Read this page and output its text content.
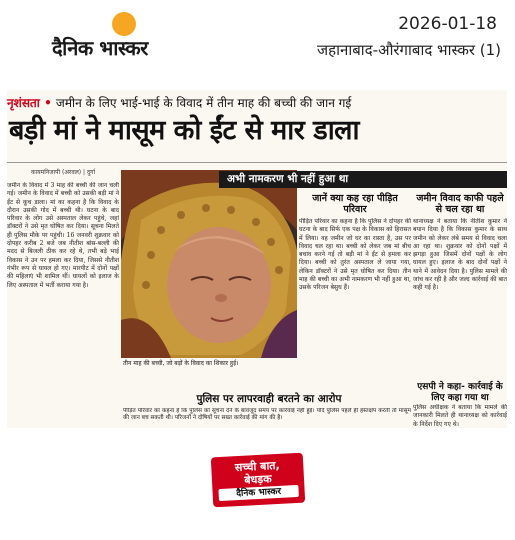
दैनिक भास्कर
2026-01-18
जहानाबाद-औरंगाबाद भास्कर (1)
नृशंसता • जमीन के लिए भाई-भाई के विवाद में तीन माह की बच्ची की जान गई
बड़ी मां ने मासूम को ईंट से मार डाला
कायमनिजापी (अरवल) | दुर्गा
जमीन के विवाद में 3 माह की बच्ची की जान चली गई। जमीन के विवाद में बच्ची को उसकी बड़ी मां ने ईंट से कूच डाला। मां का कहना है कि विवाद के दौरान उसकी गोद में बच्ची थी। घटना के बाद परिवार के लोग उसे अस्पताल लेकर पहुंचे, जहां डॉक्टरों ने उसे मृत घोषित कर दिया। सूचना मिलते ही पुलिस मौके पर पहुंची। 16 जनवरी शुक्रवार को दोपहर करीब 2 बजे जब नीतीश बांस-बल्ली की मदद से बिजली ठीक कर रहे थे, तभी बड़े भाई विकास ने उन पर हमला कर दिया, जिससे नीतीश गंभीर रूप से घायल हो गए। मारपीट में दोनों पक्षों की महिलाएं भी शामिल थीं। घायलों को इलाज के लिए अस्पताल में भर्ती कराया गया है।
तीन माह की बच्ची, जो बड़ों के विवाद का शिकार हुई।
अभी नामकरण भी नहीं हुआ था
जानें क्या कह रहा पीड़ित परिवार
पीड़ित परिवार का कहना है कि पुलिस ने दोपहर की घटना के बाद सिर्फ एक पक्ष के विकास को हिरासत में लिया। वह जमीन जो घर का रास्ता है, उस पर विवाद चल रहा था। बच्ची को लेकर जब मां बीच बचाव करने गई तो बड़ी मां ने ईंट से हमला कर दिया। बच्ची को तुरंत अस्पताल ले जाया गया, लेकिन डॉक्टरों ने उसे मृत घोषित कर दिया। तीन माह की बच्ची का अभी नामकरण भी नहीं हुआ था, उसके परिजन बेसुध हैं।
जमीन विवाद काफी पहले से चल रहा था
थानाध्यक्ष ने बताया कि नीतीश कुमार ने बयान दिया है कि विकास कुमार के साथ जमीन को लेकर लंबे समय से विवाद चला आ रहा था। शुक्रवार को दोनों पक्षों में झगड़ा हुआ जिसमें दोनों पक्षों के लोग घायल हुए। इलाज के बाद दोनों पक्षों ने थाने में आवेदन दिया है। पुलिस मामले की जांच कर रही है और जल्द कार्रवाई की बात कही गई है।
एसपी ने कहा- कार्रवाई के लिए कहा गया था
पुलिस अधीक्षक ने बताया कि मामले की जानकारी मिलते ही थानाध्यक्ष को कार्रवाई के निर्देश दिए गए थे।
पुलिस पर लापरवाही बरतने का आरोप
पीड़ित परिवार का कहना है कि पुलिस को सूचना देने के बावजूद समय पर कार्रवाई नहीं हुई। यदि पुलिस पहले ही हस्तक्षेप करती तो मासूम की जान बच सकती थी। परिजनों ने दोषियों पर सख्त कार्रवाई की मांग की है।
सच्ची बात,
बेधड़क
दैनिक भास्कर
